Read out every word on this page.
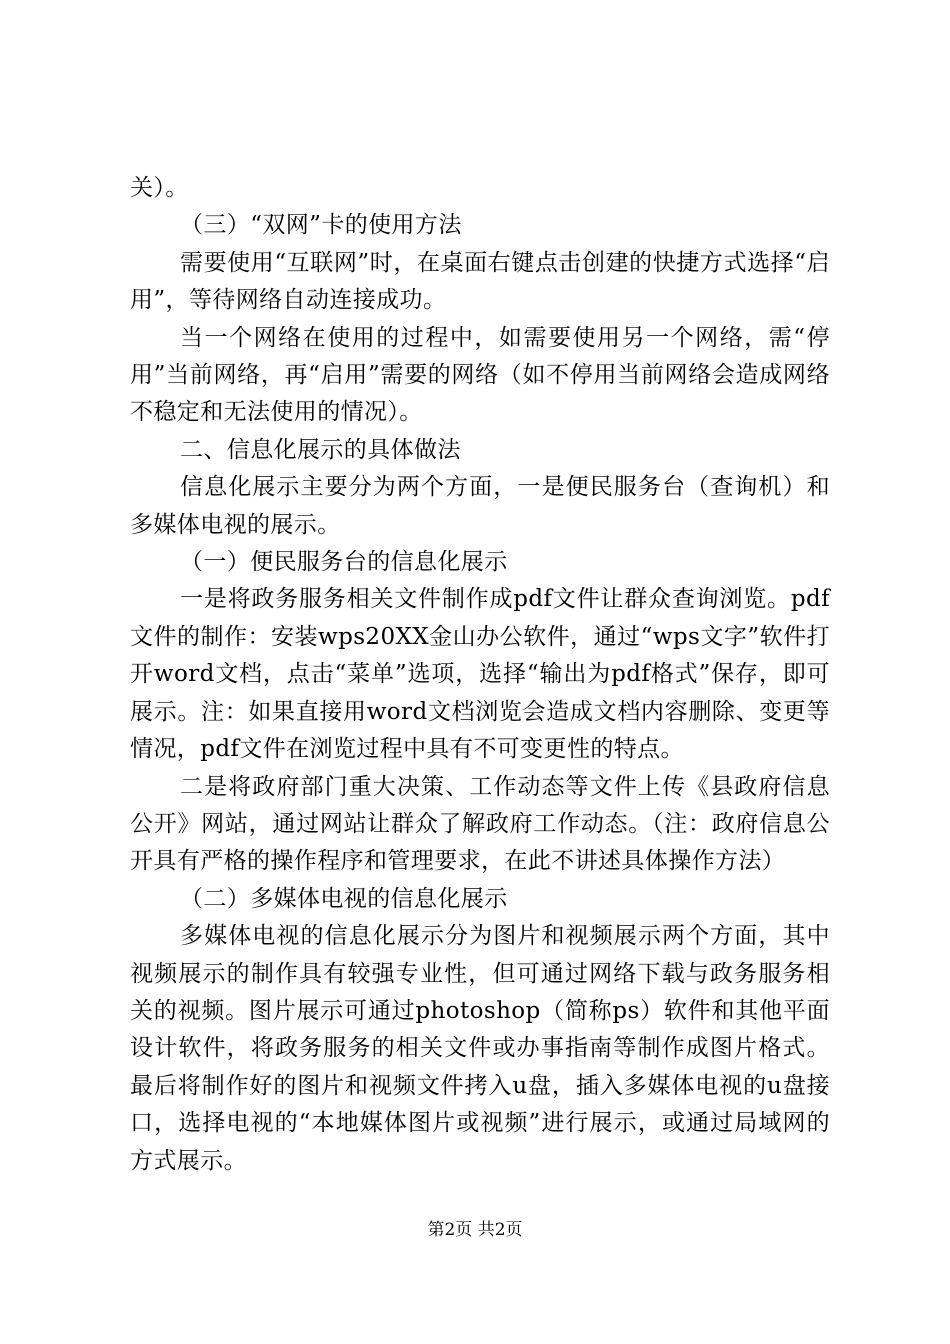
关）。

（三）“双网”卡的使用方法

需要使用“互联网”时，在桌面右键点击创建的快捷方式选择“启用”，等待网络自动连接成功。

当一个网络在使用的过程中，如需要使用另一个网络，需“停用”当前网络，再“启用”需要的网络（如不停用当前网络会造成网络不稳定和无法使用的情况）。

二、信息化展示的具体做法

信息化展示主要分为两个方面，一是便民服务台（查询机）和多媒体电视的展示。

（一）便民服务台的信息化展示

一是将政务服务相关文件制作成pdf文件让群众查询浏览。pdf文件的制作：安装wps20XX金山办公软件，通过“wps文字”软件打开word文档，点击“菜单”选项，选择“输出为pdf格式”保存，即可展示。注：如果直接用word文档浏览会造成文档内容删除、变更等情况，pdf文件在浏览过程中具有不可变更性的特点。

二是将政府部门重大决策、工作动态等文件上传《县政府信息公开》网站，通过网站让群众了解政府工作动态。（注：政府信息公开具有严格的操作程序和管理要求，在此不讲述具体操作方法）

（二）多媒体电视的信息化展示

多媒体电视的信息化展示分为图片和视频展示两个方面，其中视频展示的制作具有较强专业性，但可通过网络下载与政务服务相关的视频。图片展示可通过photoshop（简称ps）软件和其他平面设计软件，将政务服务的相关文件或办事指南等制作成图片格式。最后将制作好的图片和视频文件拷入u盘，插入多媒体电视的u盘接口，选择电视的“本地媒体图片或视频”进行展示，或通过局域网的方式展示。

第2页 共2页
